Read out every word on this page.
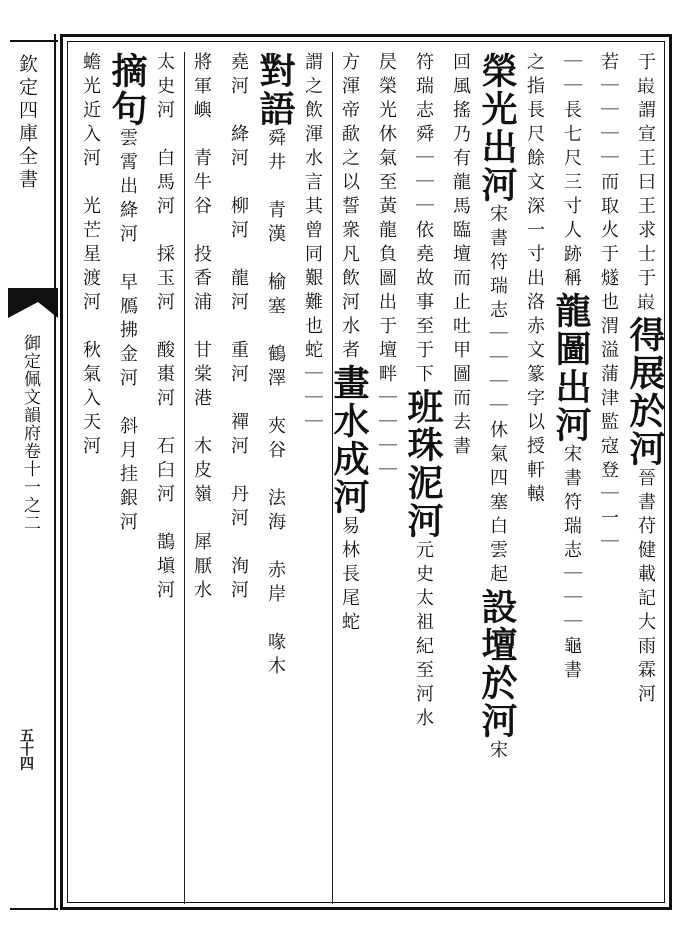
欽定四庫全書
御定佩文韻府卷十一之二
五十四
于𡸘謂宣王曰王求士于𡸘得展於河晉書苻健載記大雨霖河
若｜｜｜｜而取火于燧也渭溢蒲津監寇登｜一｜
｜｜長七尺三寸人跡稱龍圖出河宋書符瑞志｜｜｜龜書
之指長尺餘文深一寸出洛赤文篆字以授軒轅
榮光出河宋書符瑞志｜｜｜｜休氣四塞白雲起設壇於河宋
回風搖乃有龍馬臨壇而止吐甲圖而去書
符瑞志舜｜｜｜依堯故事至于下班珠泥河元史太祖紀至河水
昃榮光休氣至黃龍負圖出于壇畔｜｜｜｜
方渾帝歃之以誓衆凡飲河水者畫水成河易林長尾蛇
謂之飲渾水言其曾同艱難也蛇｜｜｜
對語舜井　青漢　榆塞　鶴澤　夾谷　法海　赤岸　喙木
堯河　絳河　柳河　龍河　重河　禪河　丹河　洵河
將軍嶼　青牛谷　投香浦　甘棠港　木皮嶺　犀厭水
太史河　白馬河　採玉河　酸棗河　石臼河　鵲塡河
摘句雲霄出絳河　早鴈拂金河　斜月挂銀河
蟾光近入河　光芒星渡河　秋氣入天河
